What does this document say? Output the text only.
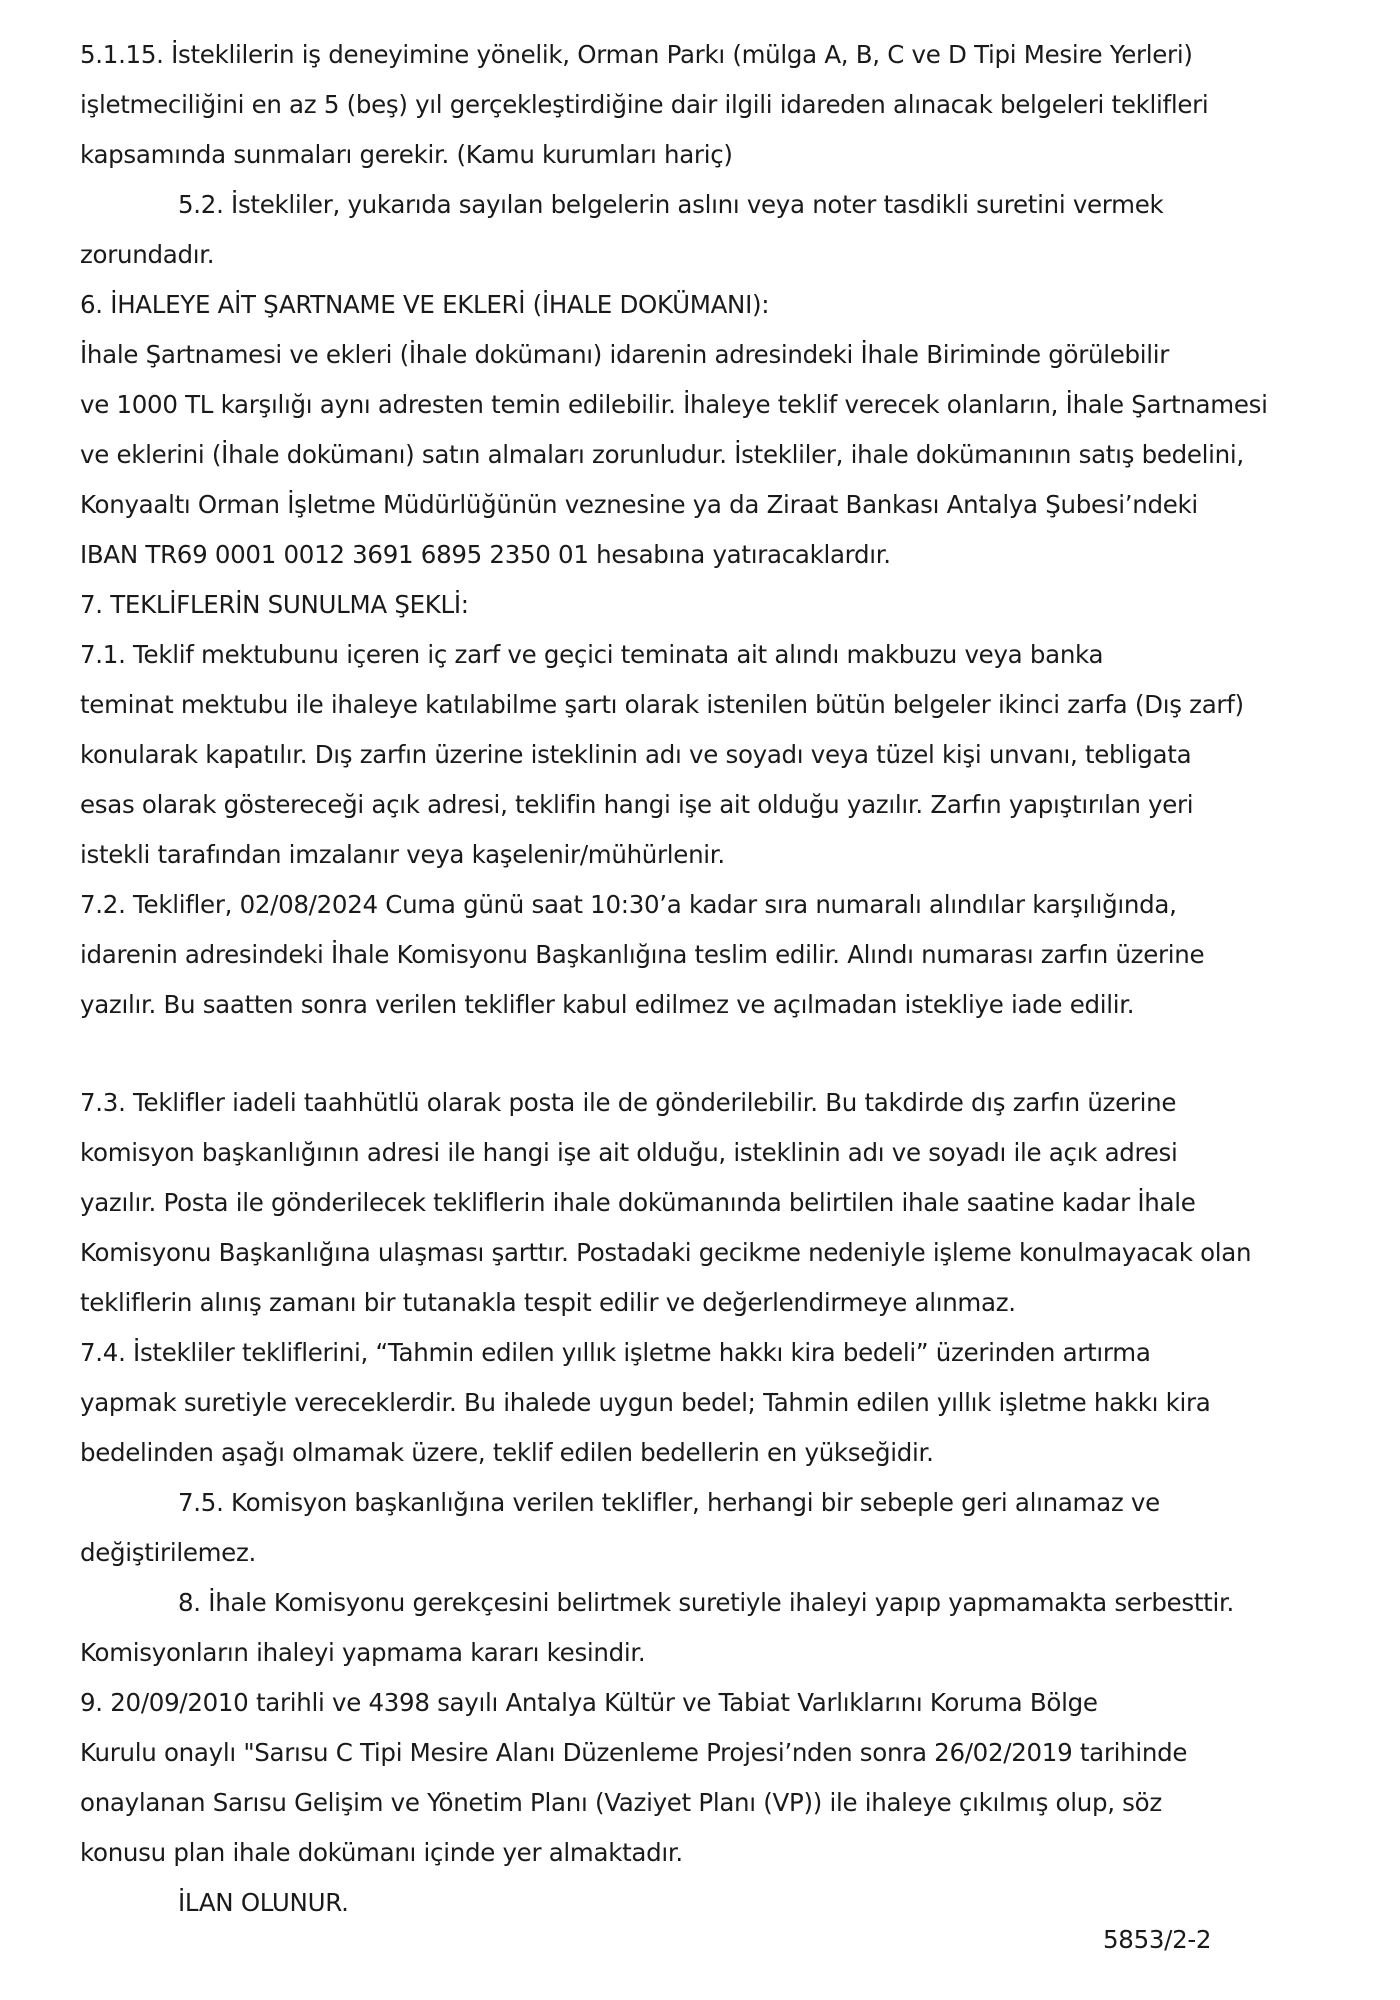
5.1.15. İsteklilerin iş deneyimine yönelik, Orman Parkı (mülga A, B, C ve D Tipi Mesire Yerleri)
işletmeciliğini en az 5 (beş) yıl gerçekleştirdiğine dair ilgili idareden alınacak belgeleri teklifleri
kapsamında sunmaları gerekir. (Kamu kurumları hariç)
5.2. İstekliler, yukarıda sayılan belgelerin aslını veya noter tasdikli suretini vermek
zorundadır.
6. İHALEYE AİT ŞARTNAME VE EKLERİ (İHALE DOKÜMANI):
İhale Şartnamesi ve ekleri (İhale dokümanı) idarenin adresindeki İhale Biriminde görülebilir
ve 1000 TL karşılığı aynı adresten temin edilebilir. İhaleye teklif verecek olanların, İhale Şartnamesi
ve eklerini (İhale dokümanı) satın almaları zorunludur. İstekliler, ihale dokümanının satış bedelini,
Konyaaltı Orman İşletme Müdürlüğünün veznesine ya da Ziraat Bankası Antalya Şubesi’ndeki
IBAN TR69 0001 0012 3691 6895 2350 01 hesabına yatıracaklardır.
7. TEKLİFLERİN SUNULMA ŞEKLİ:
7.1. Teklif mektubunu içeren iç zarf ve geçici teminata ait alındı makbuzu veya banka
teminat mektubu ile ihaleye katılabilme şartı olarak istenilen bütün belgeler ikinci zarfa (Dış zarf)
konularak kapatılır. Dış zarfın üzerine isteklinin adı ve soyadı veya tüzel kişi unvanı, tebligata
esas olarak göstereceği açık adresi, teklifin hangi işe ait olduğu yazılır. Zarfın yapıştırılan yeri
istekli tarafından imzalanır veya kaşelenir/mühürlenir.
7.2. Teklifler, 02/08/2024 Cuma günü saat 10:30’a kadar sıra numaralı alındılar karşılığında,
idarenin adresindeki İhale Komisyonu Başkanlığına teslim edilir. Alındı numarası zarfın üzerine
yazılır. Bu saatten sonra verilen teklifler kabul edilmez ve açılmadan istekliye iade edilir.
7.3. Teklifler iadeli taahhütlü olarak posta ile de gönderilebilir. Bu takdirde dış zarfın üzerine
komisyon başkanlığının adresi ile hangi işe ait olduğu, isteklinin adı ve soyadı ile açık adresi
yazılır. Posta ile gönderilecek tekliflerin ihale dokümanında belirtilen ihale saatine kadar İhale
Komisyonu Başkanlığına ulaşması şarttır. Postadaki gecikme nedeniyle işleme konulmayacak olan
tekliflerin alınış zamanı bir tutanakla tespit edilir ve değerlendirmeye alınmaz.
7.4. İstekliler tekliflerini, “Tahmin edilen yıllık işletme hakkı kira bedeli” üzerinden artırma
yapmak suretiyle vereceklerdir. Bu ihalede uygun bedel; Tahmin edilen yıllık işletme hakkı kira
bedelinden aşağı olmamak üzere, teklif edilen bedellerin en yükseğidir.
7.5. Komisyon başkanlığına verilen teklifler, herhangi bir sebeple geri alınamaz ve
değiştirilemez.
8. İhale Komisyonu gerekçesini belirtmek suretiyle ihaleyi yapıp yapmamakta serbesttir.
Komisyonların ihaleyi yapmama kararı kesindir.
9. 20/09/2010 tarihli ve 4398 sayılı Antalya Kültür ve Tabiat Varlıklarını Koruma Bölge
Kurulu onaylı "Sarısu C Tipi Mesire Alanı Düzenleme Projesi’nden sonra 26/02/2019 tarihinde
onaylanan Sarısu Gelişim ve Yönetim Planı (Vaziyet Planı (VP)) ile ihaleye çıkılmış olup, söz
konusu plan ihale dokümanı içinde yer almaktadır.
İLAN OLUNUR.
5853/2-2
